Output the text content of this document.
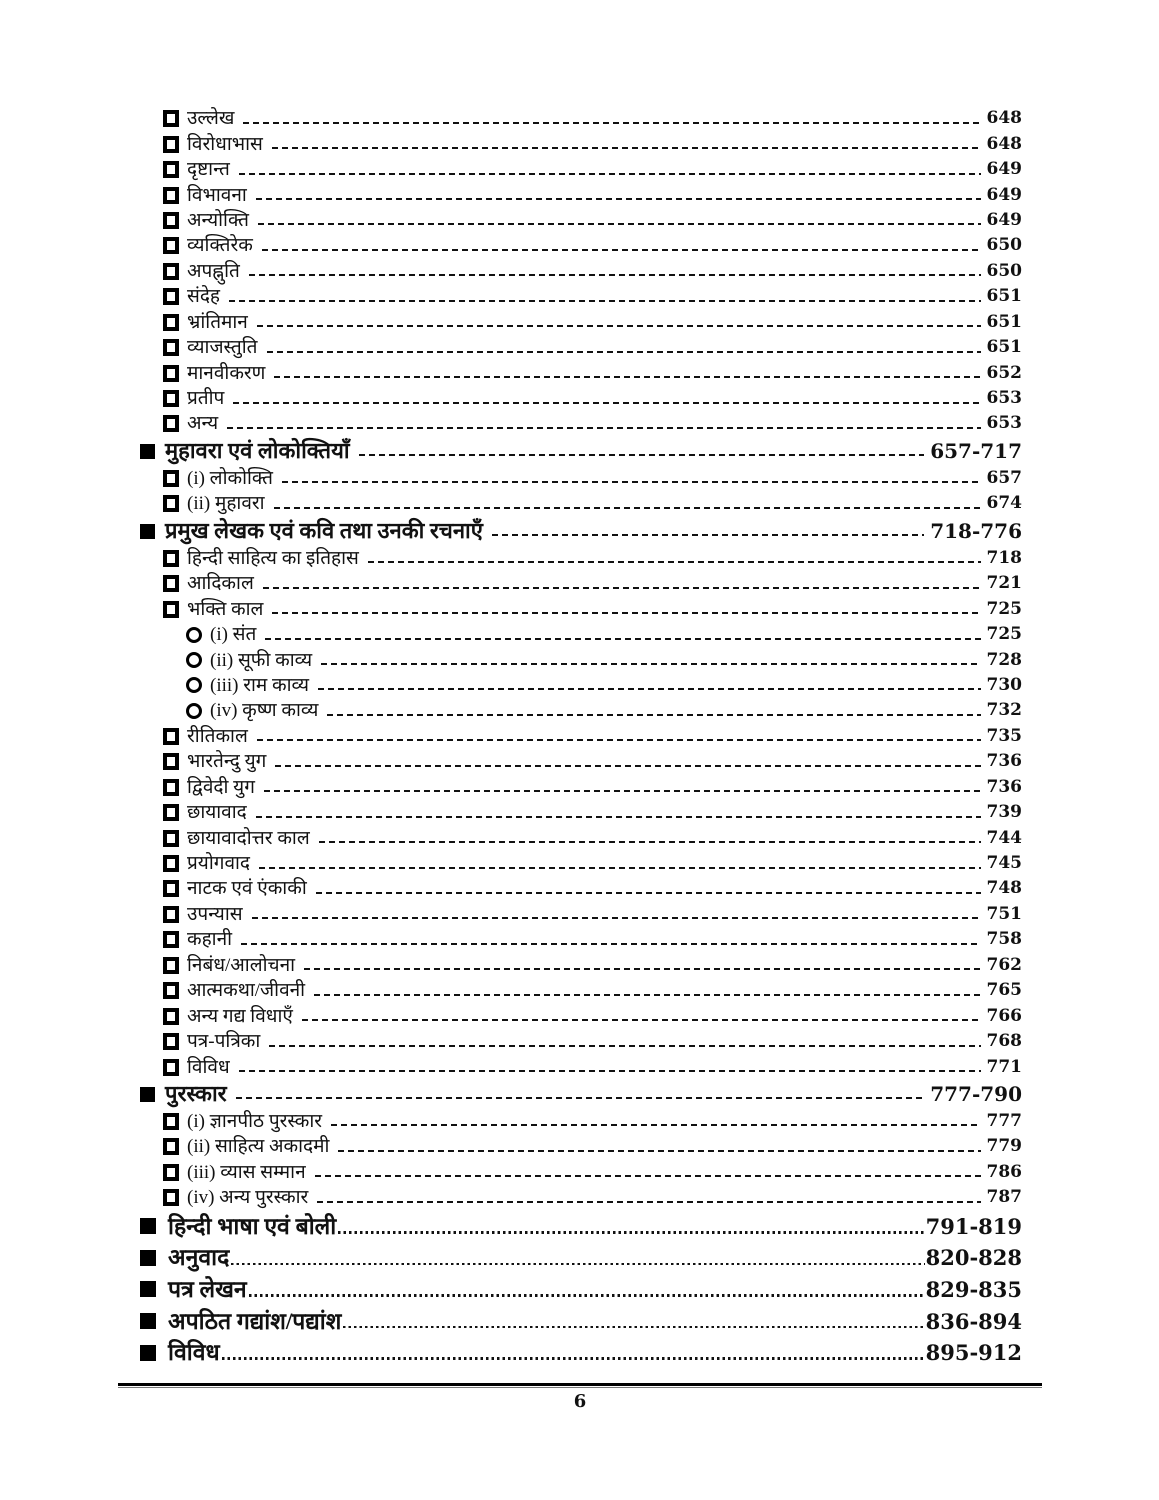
उल्लेख	648
विरोधाभास	648
दृष्टान्त	649
विभावना	649
अन्योक्ति	649
व्यक्तिरेक	650
अपह्नुति	650
संदेह	651
भ्रांतिमान	651
व्याजस्तुति	651
मानवीकरण	652
प्रतीप	653
अन्य	653
मुहावरा एवं लोकोक्तियाँ	657-717
(i) लोकोक्ति	657
(ii) मुहावरा	674
प्रमुख लेखक एवं कवि तथा उनकी रचनाएँ	718-776
हिन्दी साहित्य का इतिहास	718
आदिकाल	721
भक्ति काल	725
(i) संत	725
(ii) सूफी काव्य	728
(iii) राम काव्य	730
(iv) कृष्ण काव्य	732
रीतिकाल	735
भारतेन्दु युग	736
द्विवेदी युग	736
छायावाद	739
छायावादोत्तर काल	744
प्रयोगवाद	745
नाटक एवं एंकाकी	748
उपन्यास	751
कहानी	758
निबंध/आलोचना	762
आत्मकथा/जीवनी	765
अन्य गद्य विधाएँ	766
पत्र-पत्रिका	768
विविध	771
पुरस्कार	777-790
(i) ज्ञानपीठ पुरस्कार	777
(ii) साहित्य अकादमी	779
(iii) व्यास सम्मान	786
(iv) अन्य पुरस्कार	787
हिन्दी भाषा एवं बोली	791-819
अनुवाद	820-828
पत्र लेखन	829-835
अपठित गद्यांश/पद्यांश	836-894
विविध	895-912
6
